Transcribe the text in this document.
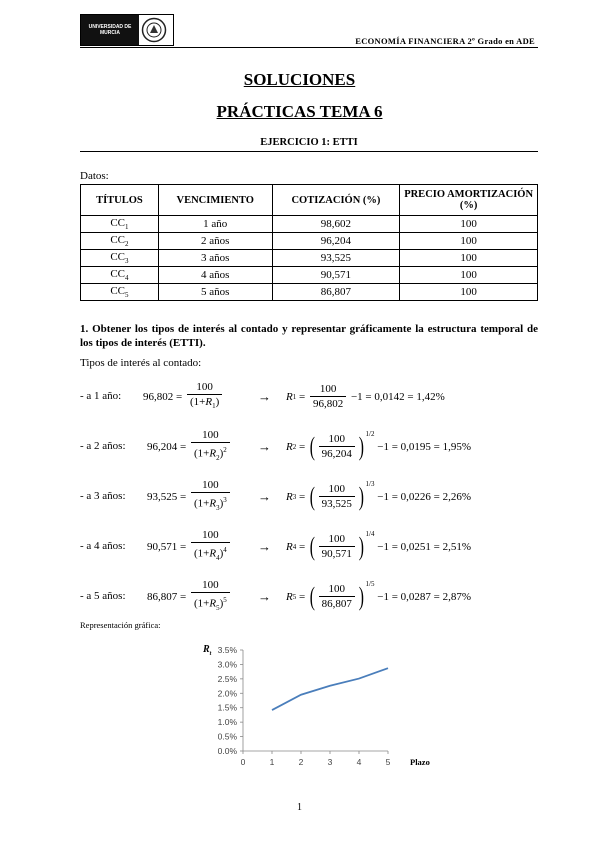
UNIVERSIDAD DE MURCIA
ECONOMÍA FINANCIERA 2º Grado en ADE
SOLUCIONES
PRÁCTICAS TEMA 6
EJERCICIO 1: ETTI
Datos:
TÍTULOS	VENCIMIENTO	COTIZACIÓN (%)	PRECIO AMORTIZACIÓN (%)
$CC_1$	1 año	98,602	100
$CC_2$	2 años	96,204	100
$CC_3$	3 años	93,525	100
$CC_4$	4 años	90,571	100
$CC_5$	5 años	86,807	100
1. Obtener los tipos de interés al contado y representar gráficamente la estructura temporal de los tipos de interés (ETTI).
Tipos de interés al contado:
- a 1 año: $96,802 = \frac{100}{(1+R_1)}$	→ R $1 = \frac{100}{96,802} -1 = 0,0142 = 1,42\%$
- a 2 años: $96,204 = \frac{100}{(1+R_2)^2} \to R$ 2 = ( $\frac{100}{96,204} )^{1/2}$
−1 = 0,0195 = 1,95%
- a 3 años: $93,525 = \frac{100}{(1+R_3)^3} \to R$ 3 = ( $\frac{100}{93,525} )^{1/3}$
−1 = 0,0226 = 2,26%
- a 4 años: $90,571 = \frac{100}{(1+R_4)^4} \to R$ 4 = ( $\frac{100}{90,571} )^{1/4}$
−1 = 0,0251 = 2,51%
- a 5 años: $86,807 = \frac{100}{(1+R_5)^5} \to R$ 5 = ( $\frac{100}{86,807} )^{1/5}$
−1 = 0,0287 = 2,87%
Representación gráfica:
0.0%
0.5%
1.0%
1.5%
2.0%
2.5%
3.0%
3.5%
0	1	2	3	4	5
$R_t$
Plazo
1
